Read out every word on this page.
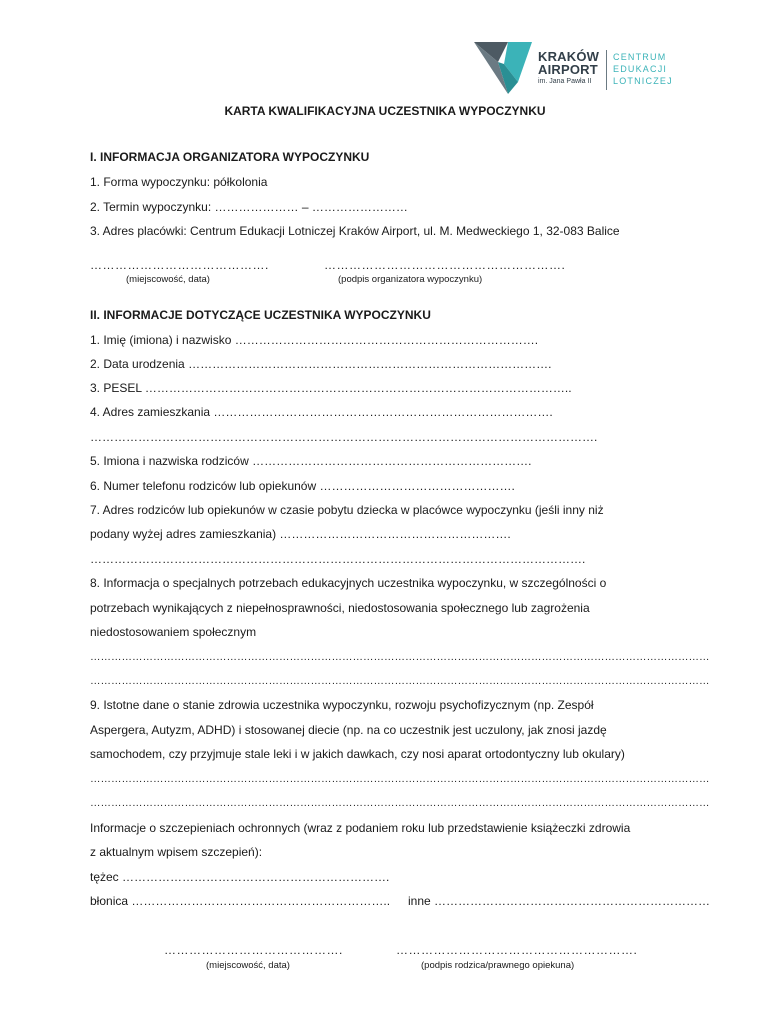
KRAKÓW
AIRPORT
im. Jana Pawła II
CENTRUM
EDUKACJI
LOTNICZEJ
KARTA KWALIFIKACYJNA UCZESTNIKA WYPOCZYNKU
I. INFORMACJA ORGANIZATORA WYPOCZYNKU
1. Forma wypoczynku: półkolonia
2. Termin wypoczynku: ………………… – ……………………
3. Adres placówki: Centrum Edukacji Lotniczej Kraków Airport, ul. M. Medweckiego 1, 32-083 Balice
…………………………………….	………………………………………………….
(miejscowość, data)	(podpis organizatora wypoczynku)
II. INFORMACJE DOTYCZĄCE UCZESTNIKA WYPOCZYNKU
1. Imię (imiona) i nazwisko ………………………………………………………………….
2. Data urodzenia ……………………………………………………………………………….
3. PESEL ……………………………………………………………………………………………..
4. Adres zamieszkania ………………………………………………………………………….
……………………………………………………………………………………………………………….
5. Imiona i nazwiska rodziców …………………………………………………………….
6. Numer telefonu rodziców lub opiekunów ………………………………………….
7. Adres rodziców lub opiekunów w czasie pobytu dziecka w placówce wypoczynku (jeśli inny niż
podany wyżej adres zamieszkania) ………………………………………………….
…………………………………………………………………………………………………………….
8. Informacja o specjalnych potrzebach edukacyjnych uczestnika wypoczynku, w szczególności o
potrzebach wynikających z niepełnosprawności, niedostosowania społecznego lub zagrożenia
niedostosowaniem społecznym
……………………………………………………………………………………………………………………………………………………………
……………………………………………………………………………………………………………………………………………………………
9. Istotne dane o stanie zdrowia uczestnika wypoczynku, rozwoju psychofizycznym (np. Zespół
Aspergera, Autyzm, ADHD) i stosowanej diecie (np. na co uczestnik jest uczulony, jak znosi jazdę
samochodem, czy przyjmuje stale leki i w jakich dawkach, czy nosi aparat ortodontyczny lub okulary)
……………………………………………………………………………………………………………………………………………………………
……………………………………………………………………………………………………………………………………………………………
Informacje o szczepieniach ochronnych (wraz z podaniem roku lub przedstawienie książeczki zdrowia
z aktualnym wpisem szczepień):
tężec ………………………………………………………….
błonica ……………………………………………………….. inne ……………………………………………………………
…………………………………….	………………………………………………….
(miejscowość, data)	(podpis rodzica/prawnego opiekuna)
